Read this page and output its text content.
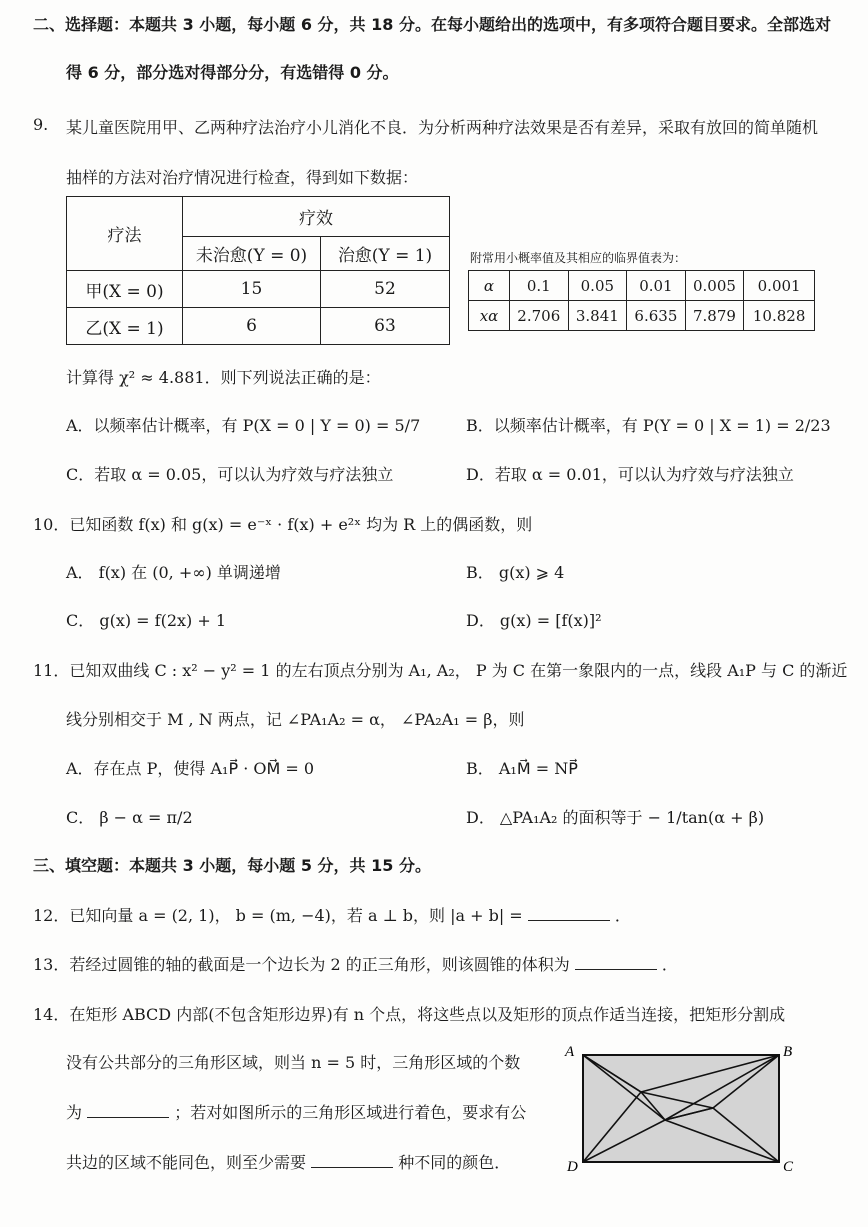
二、选择题：本题共 3 小题，每小题 6 分，共 18 分。在每小题给出的选项中，有多项符合题目要求。全部选对
得 6 分，部分选对得部分分，有选错得 0 分。
9. 某儿童医院用甲、乙两种疗法治疗小儿消化不良．为分析两种疗法效果是否有差异，采取有放回的简单随机
抽样的方法对治疗情况进行检查，得到如下数据：
疗法	疗效	
	未治愈(Y = 0)	治愈(Y = 1)
甲(X = 0)	15	52
乙(X = 1)	6	63
附常用小概率值及其相应的临界值表为：
α	0.1	0.05	0.01	0.005	0.001
xα	2.706	3.841	6.635	7.879	10.828
计算得 χ² ≈ 4.881．则下列说法正确的是：
A．以频率估计概率，有 P(X = 0 | Y = 0) = 5/7	B．以频率估计概率，有 P(Y = 0 | X = 1) = 2/23
C．若取 α = 0.05，可以认为疗效与疗法独立	D．若取 α = 0.01，可以认为疗效与疗法独立
10．已知函数 f(x) 和 g(x) = e⁻ˣ · f(x) + e²ˣ 均为 R 上的偶函数，则
A． f(x) 在 (0, +∞) 单调递增	B． g(x) ⩾ 4
C． g(x) = f(2x) + 1	D． g(x) = [f(x)]²
11．已知双曲线 C : x² − y² = 1 的左右顶点分别为 A₁, A₂， P 为 C 在第一象限内的一点，线段 A₁P 与 C 的渐近
线分别相交于 M , N 两点，记 ∠PA₁A₂ = α， ∠PA₂A₁ = β，则
A．存在点 P，使得 A₁P⃗ · OM⃗ = 0	B． A₁M⃗ = NP⃗
C． β − α = π/2	D． △PA₁A₂ 的面积等于 − 1/tan(α + β)
三、填空题：本题共 3 小题，每小题 5 分，共 15 分。
12．已知向量 a = (2, 1)， b = (m, −4)，若 a ⊥ b，则 |a + b| =	．
13．若经过圆锥的轴的截面是一个边长为 2 的正三角形，则该圆锥的体积为	．
14．在矩形 ABCD 内部(不包含矩形边界)有 n 个点，将这些点以及矩形的顶点作适当连接，把矩形分割成
没有公共部分的三角形区域，则当 n = 5 时，三角形区域的个数
为	；若对如图所示的三角形区域进行着色，要求有公
共边的区域不能同色，则至少需要	种不同的颜色．
A	B
C
D
